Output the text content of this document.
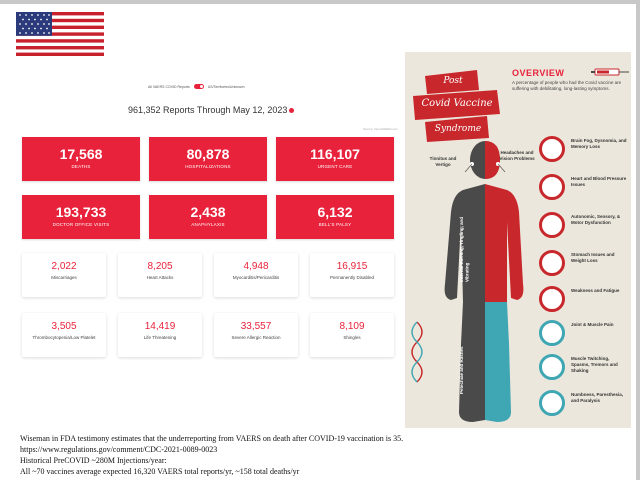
All VAERS COVID Reports	US/Territories/Unknown
961,352 Reports Through May 12, 2023
Source: OpenVAERS.com
17,568
DEATHS
80,878
HOSPITALIZATIONS
116,107
URGENT CARE
193,733
DOCTOR OFFICE VISITS
2,438
ANAPHYLAXIS
6,132
BELL'S PALSY
2,022
Miscarriages
8,205
Heart Attacks
4,948
Myocarditis/Pericarditis
16,915
Permanently Disabled
3,505
Thrombocytopenia/Low Platelet
14,419
Life Threatening
33,557
Severe Allergic Reaction
8,109
Shingles
Post
Covid Vaccine
Syndrome
OVERVIEW
A percentage of people who had the Covid vaccine are suffering with debilitating, long-lasting symptoms.
Tinnitus and Vertigo
Headaches and Vision Problems
Internal Burning, Tingling, and Vibrating
Petechiae and Rashes
Brain Fog, Dysnomia, and Memory Loss
Heart and Blood Pressure Issues
Autonomic, Sensory, & Motor Dysfunction
Stomach Issues and Weight Loss
Weakness and Fatigue
Joint & Muscle Pain
Muscle Twitching, Spasms, Tremors and Shaking
Numbness, Paresthesia, and Paralysis
Wiseman in FDA testimony estimates that the underreporting from VAERS on death after COVID-19 vaccination is 35.
https://www.regulations.gov/comment/CDC-2021-0089-0023
Historical PreCOVID ~280M Injections/year:
All ~70 vaccines average expected 16,320 VAERS total reports/yr, ~158 total deaths/yr
